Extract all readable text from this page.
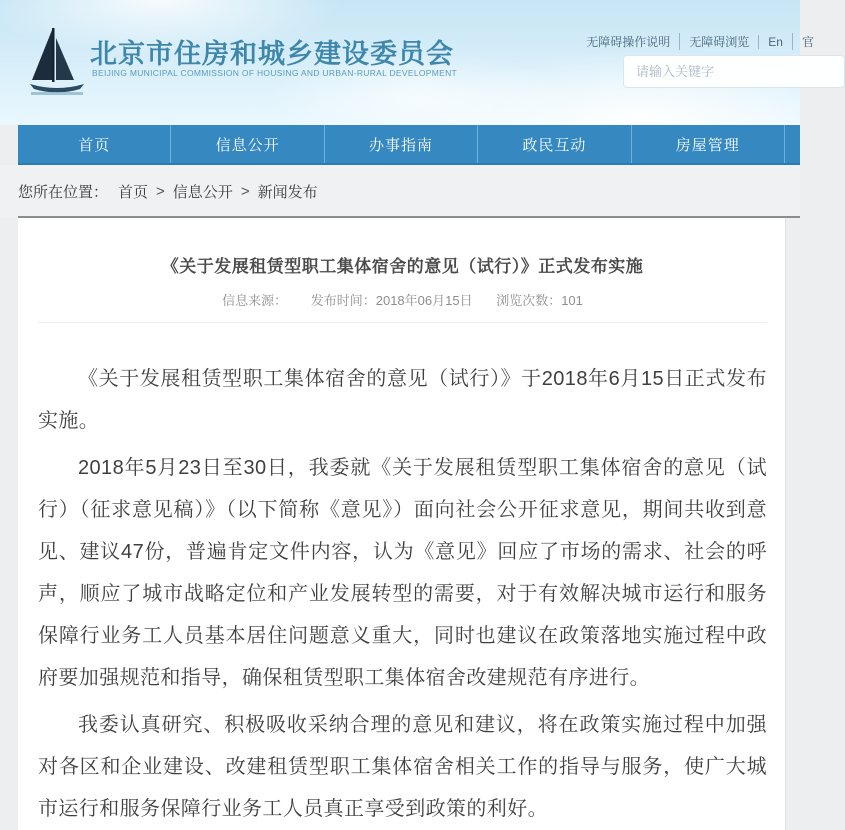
北京市住房和城乡建设委员会
BEIJING MUNICIPAL COMMISSION OF HOUSING AND URBAN-RURAL DEVELOPMENT
无障碍操作说明	无障碍浏览	En	官
请输入关键字
首页	信息公开	办事指南	政民互动	房屋管理
您所在位置： 首页 > 信息公开 > 新闻发布
《关于发展租赁型职工集体宿舍的意见（试行）》正式发布实施
信息来源： 发布时间：2018年06月15日 浏览次数：101

《关于发展租赁型职工集体宿舍的意见（试行）》于2018年6月15日正式发布实施。

2018年5月23日至30日，我委就《关于发展租赁型职工集体宿舍的意见（试行）（征求意见稿）》（以下简称《意见》）面向社会公开征求意见，期间共收到意见、建议47份，普遍肯定文件内容，认为《意见》回应了市场的需求、社会的呼声，顺应了城市战略定位和产业发展转型的需要，对于有效解决城市运行和服务保障行业务工人员基本居住问题意义重大，同时也建议在政策落地实施过程中政府要加强规范和指导，确保租赁型职工集体宿舍改建规范有序进行。

我委认真研究、积极吸收采纳合理的意见和建议，将在政策实施过程中加强对各区和企业建设、改建租赁型职工集体宿舍相关工作的指导与服务，使广大城市运行和服务保障行业务工人员真正享受到政策的利好。
